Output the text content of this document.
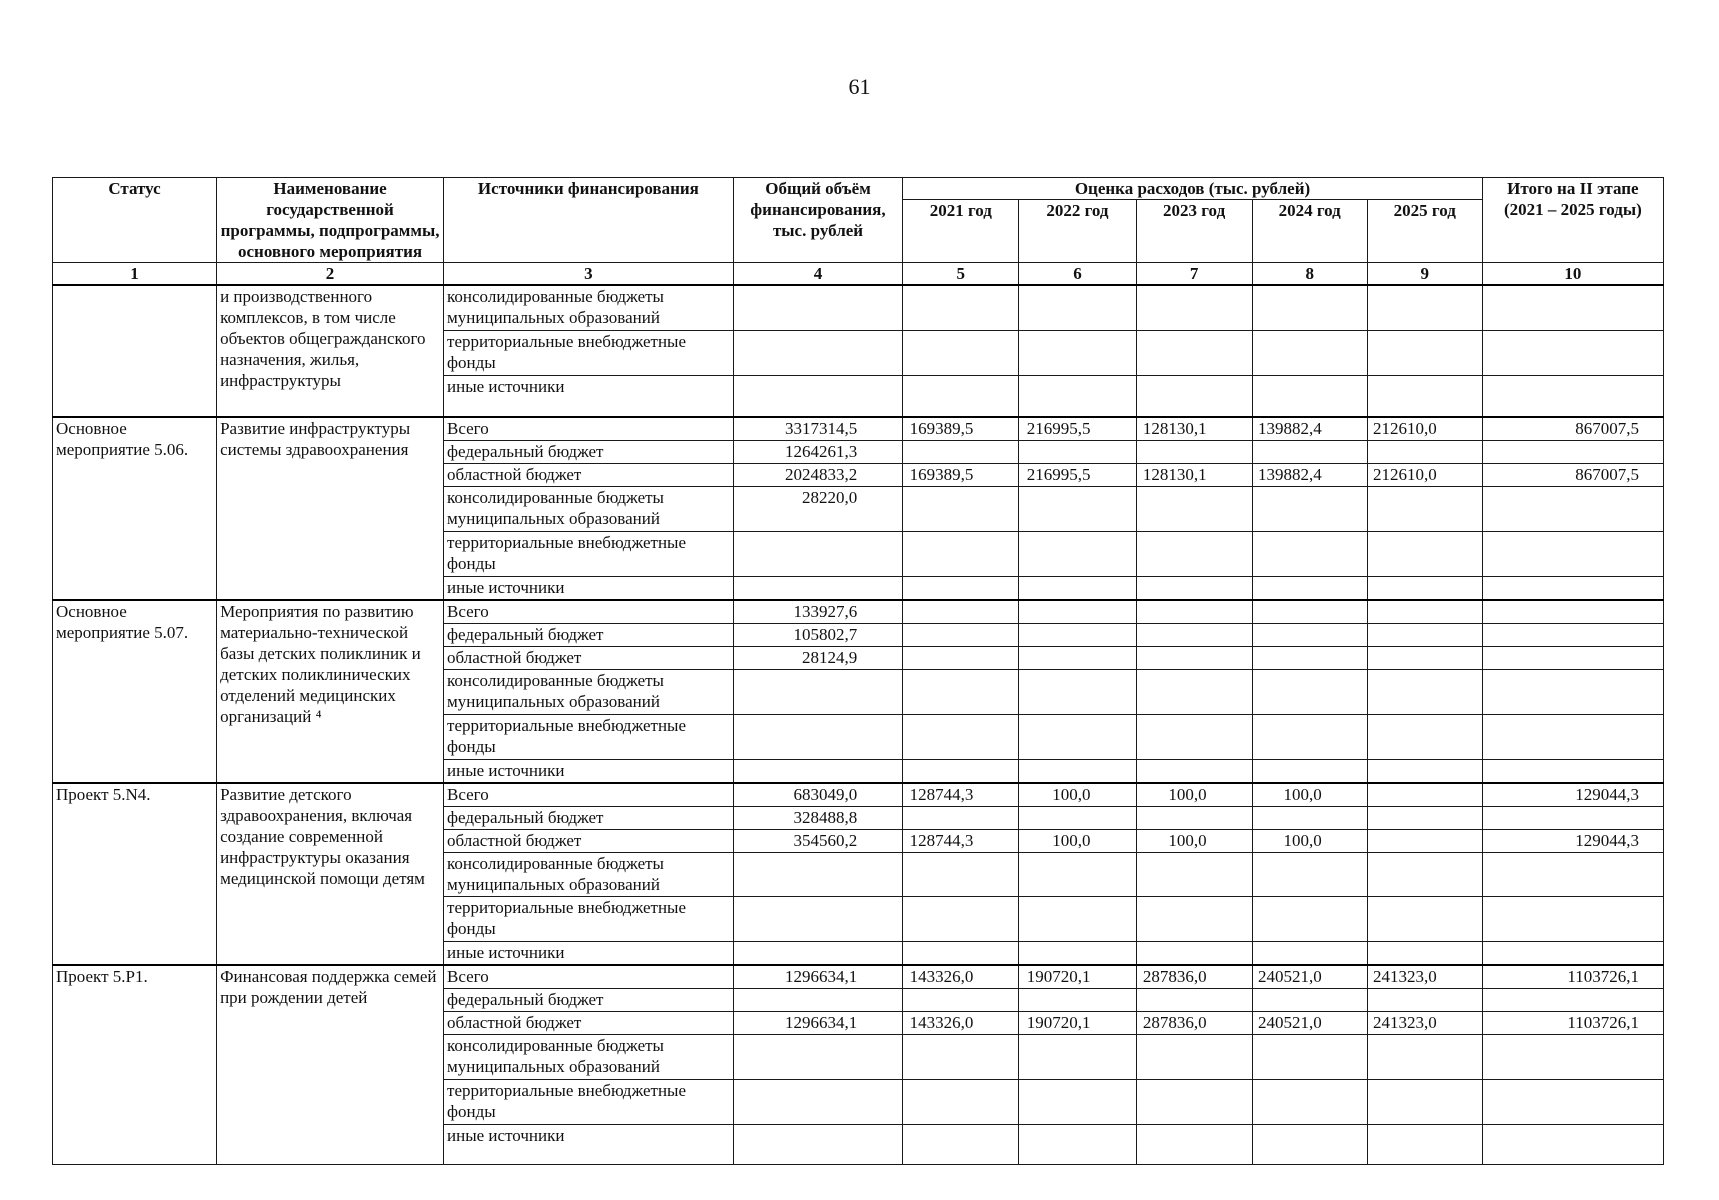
61
Статус	Наименование государственной программы, подпрограммы, основного мероприятия	Источники финансирования	Общий объём финансирования, тыс. рублей	Оценка расходов (тыс. рублей)					Итого на II этапе (2021 – 2025 годы)
				2021 год	2022 год	2023 год	2024 год	2025 год	
1	2	3	4	5	6	7	8	9	10
	и производственного комплексов, в том числе объектов общегражданского назначения, жилья, инфраструктуры	консолидированные бюджеты муниципальных образований							
		территориальные внебюджетные фонды							
		иные источники							
Основное мероприятие 5.06.	Развитие инфраструктуры системы здравоохранения	Всего	3317314,5	169389,5	216995,5	128130,1	139882,4	212610,0	867007,5
		федеральный бюджет	1264261,3						
		областной бюджет	2024833,2	169389,5	216995,5	128130,1	139882,4	212610,0	867007,5
		консолидированные бюджеты муниципальных образований	28220,0						
		территориальные внебюджетные фонды							
		иные источники							
Основное мероприятие 5.07.	Мероприятия по развитию материально-технической базы детских поликлиник и детских поликлинических отделений медицинских организаций ⁴	Всего	133927,6						
		федеральный бюджет	105802,7						
		областной бюджет	28124,9						
		консолидированные бюджеты муниципальных образований							
		территориальные внебюджетные фонды							
		иные источники							
Проект 5.N4.	Развитие детского здравоохранения, включая создание современной инфраструктуры оказания медицинской помощи детям	Всего	683049,0	128744,3	100,0	100,0	100,0		129044,3
		федеральный бюджет	328488,8						
		областной бюджет	354560,2	128744,3	100,0	100,0	100,0		129044,3
		консолидированные бюджеты муниципальных образований							
		территориальные внебюджетные фонды							
		иные источники							
Проект 5.P1.	Финансовая поддержка семей при рождении детей	Всего	1296634,1	143326,0	190720,1	287836,0	240521,0	241323,0	1103726,1
		федеральный бюджет							
		областной бюджет	1296634,1	143326,0	190720,1	287836,0	240521,0	241323,0	1103726,1
		консолидированные бюджеты муниципальных образований							
		территориальные внебюджетные фонды							
		иные источники							
